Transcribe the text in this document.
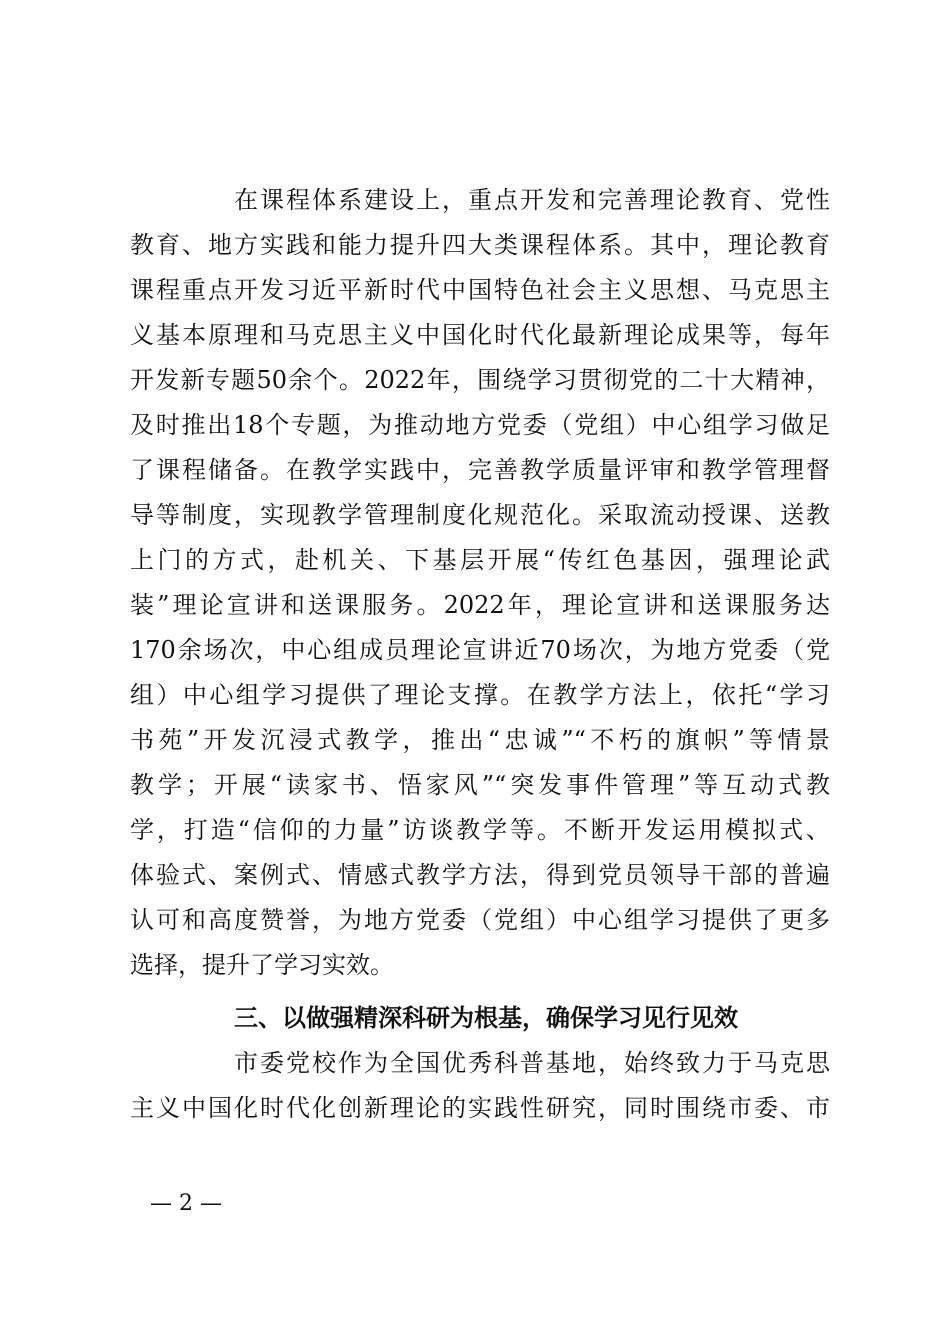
在课程体系建设上，重点开发和完善理论教育、党性
教育、地方实践和能力提升四大类课程体系。其中，理论教育
课程重点开发习近平新时代中国特色社会主义思想、马克思主
义基本原理和马克思主义中国化时代化最新理论成果等，每年
开发新专题50余个。2022年，围绕学习贯彻党的二十大精神，
及时推出18个专题，为推动地方党委（党组）中心组学习做足
了课程储备。在教学实践中，完善教学质量评审和教学管理督
导等制度，实现教学管理制度化规范化。采取流动授课、送教
上门的方式，赴机关、下基层开展“传红色基因，强理论武
装”理论宣讲和送课服务。2022年，理论宣讲和送课服务达
170余场次，中心组成员理论宣讲近70场次，为地方党委（党
组）中心组学习提供了理论支撑。在教学方法上，依托“学习
书苑”开发沉浸式教学，推出“忠诚”“不朽的旗帜”等情景
教学；开展“读家书、悟家风”“突发事件管理”等互动式教
学，打造“信仰的力量”访谈教学等。不断开发运用模拟式、
体验式、案例式、情感式教学方法，得到党员领导干部的普遍
认可和高度赞誉，为地方党委（党组）中心组学习提供了更多
选择，提升了学习实效。
三、以做强精深科研为根基，确保学习见行见效
市委党校作为全国优秀科普基地，始终致力于马克思
主义中国化时代化创新理论的实践性研究，同时围绕市委、市
— 2 —
